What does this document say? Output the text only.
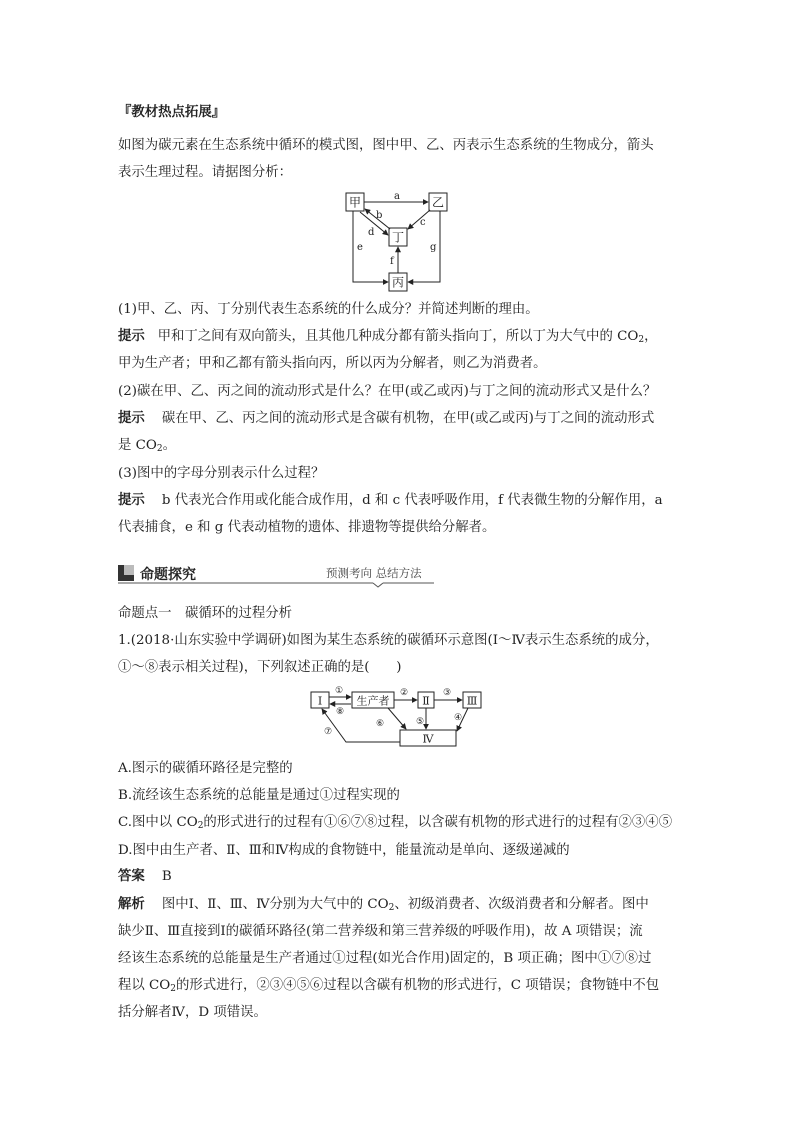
『教材热点拓展』
如图为碳元素在生态系统中循环的模式图，图中甲、乙、丙表示生态系统的生物成分，箭头
表示生理过程。请据图分析：
甲	乙
丁
丙
a
b
d
c
f
e	g
(1)甲、乙、丙、丁分别代表生态系统的什么成分？并简述判断的理由。
提示 甲和丁之间有双向箭头，且其他几种成分都有箭头指向丁，所以丁为大气中的 $CO_2$，
甲为生产者；甲和乙都有箭头指向丙，所以丙为分解者，则乙为消费者。
(2)碳在甲、乙、丙之间的流动形式是什么？在甲(或乙或丙)与丁之间的流动形式又是什么？
提示 碳在甲、乙、丙之间的流动形式是含碳有机物，在甲(或乙或丙)与丁之间的流动形式
是 $CO_2$。
(3)图中的字母分别表示什么过程？
提示 b 代表光合作用或化能合成作用，d 和 c 代表呼吸作用，f 代表微生物的分解作用，a
代表捕食，e 和 g 代表动植物的遗体、排遗物等提供给分解者。
命题探究	预测考向 总结方法
命题点一　碳循环的过程分析
1.(2018·山东实验中学调研)如图为某生态系统的碳循环示意图(Ⅰ～Ⅳ表示生态系统的成分，
①～⑧表示相关过程)，下列叙述正确的是(　　)
Ⅰ	生产者	Ⅱ	Ⅲ
Ⅳ
①
⑧
②	③
⑤	④
⑥
⑦
A.图示的碳循环路径是完整的
B.流经该生态系统的总能量是通过①过程实现的
C.图中以 $CO_2$的形式进行的过程有①⑥⑦⑧过程，以含碳有机物的形式进行的过程有②③④⑤
D.图中由生产者、Ⅱ、Ⅲ和Ⅳ构成的食物链中，能量流动是单向、逐级递减的
答案 B
解析 图中Ⅰ、Ⅱ、Ⅲ、Ⅳ分别为大气中的 $CO_2$、初级消费者、次级消费者和分解者。图中
缺少Ⅱ、Ⅲ直接到Ⅰ的碳循环路径(第二营养级和第三营养级的呼吸作用)，故 A 项错误；流
经该生态系统的总能量是生产者通过①过程(如光合作用)固定的，B 项正确；图中①⑦⑧过
程以 $CO_2$的形式进行，②③④⑤⑥过程以含碳有机物的形式进行，C 项错误；食物链中不包
括分解者Ⅳ，D 项错误。
